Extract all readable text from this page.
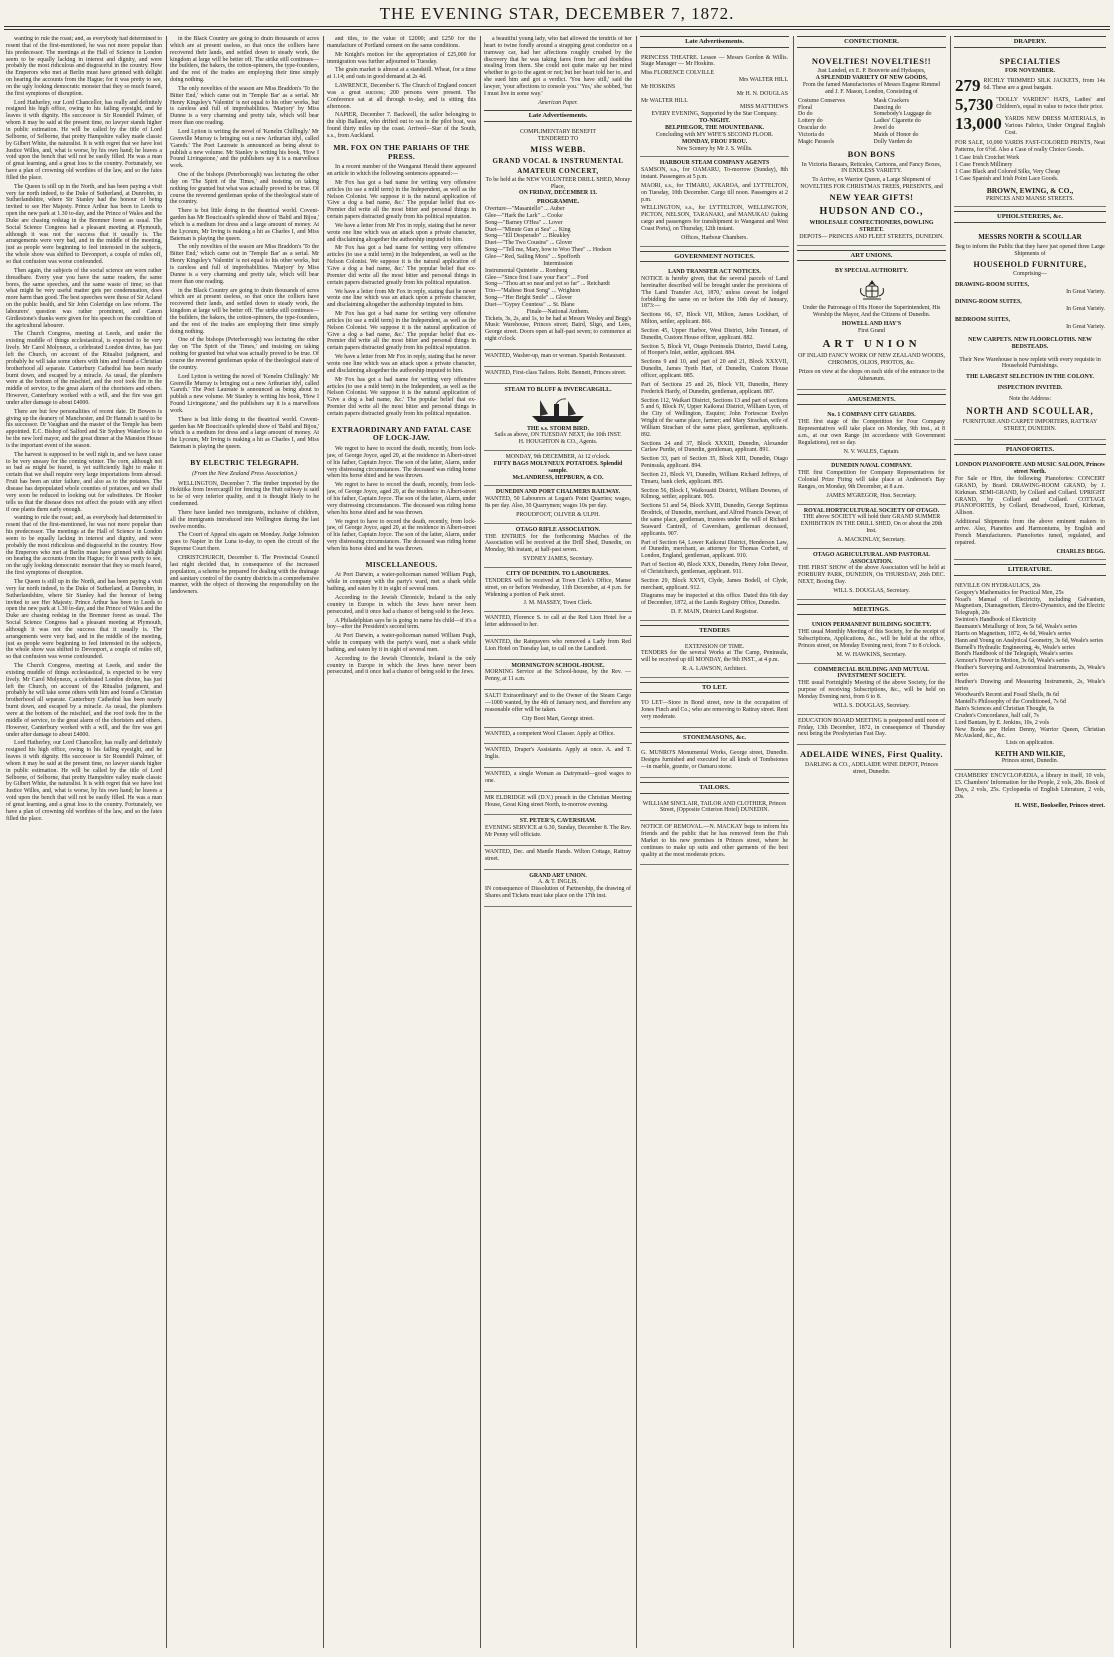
THE EVENING STAR, DECEMBER 7, 1872.

wanting to rule the roast; and, as everybody had determined to resent that of the first-mentioned, he was not more popular than his predecessor. The meetings at the Hall of Science in London seem to be equally lacking in interest and dignity, and were probably the most ridiculous and disgraceful in the country. How the Emperors who met at Berlin must have grinned with delight on hearing the accounts from the Hague; for it was pretty to see, on the ugly looking democratic monster that they so much feared, the first symptoms of disruption.

Lord Hatherley, our Lord Chancellor, has really and definitely resigned his high office, owing to his failing eyesight, and he leaves it with dignity. His successor is Sir Roundell Palmer, of whom it may be said at the present time, no lawyer stands higher in public estimation. He will be called by the title of Lord Selborne, of Selborne, that pretty Hampshire valley made classic by Gilbert White, the naturalist. It is with regret that we have lost Justice Willes, and, what is worse, by his own hand; he leaves a void upon the bench that will not be easily filled. He was a man of great learning, and a great loss to the country. Fortunately, we have a plan of crowning old worthies of the law, and so the fates filled the place.

The Queen is still up in the North, and has been paying a visit very far north indeed, to the Duke of Sutherland, at Dunrobin, in Sutherlandshire, where Sir Stanley had the honour of being invited to see Her Majesty. Prince Arthur has been to Leeds to open the new park at 1.30 to-day, and the Prince of Wales and the Duke are chasing redstag in the Bremner forest as usual. The Social Science Congress had a pleasant meeting at Plymouth, although it was not the success that it usually is. The arrangements were very bad, and in the middle of the meeting, just as people were beginning to feel interested in the subjects, the whole show was shifted to Devonport, a couple of miles off, so that confusion was worse confounded.

Then again, the subjects of the social science are worn rather threadbare. Every year you have the same readers, the same bores, the same speeches, and the same waste of time; so that what might be very useful matter gets per condemnation, does more harm than good. The best speeches were those of Sir Acland on the public health, and Sir John Coleridge on law reform. The labourers' question was rather prominent, and Canon Girdlestone's thanks were given for his speech on the condition of the agricultural labourer.

The Church Congress, meeting at Leeds, and under the existing muddle of things ecclesiastical, is expected to be very lively. Mr Carol Molyneux, a celebrated London divine, has just left the Church, on account of the Ritualist judgment, and probably he will take some others with him and found a Christian brotherhood all separate. Canterbury Cathedral has been nearly burnt down, and escaped by a miracle. As usual, the plumbers were at the bottom of the mischief, and the roof took fire in the middle of service, to the great alarm of the choristers and others. However, Canterbury worked with a will, and the fire was got under after damage to about £4000.

There are but few personalities of recent date. Dr Bowers is giving up the deanery of Manchester, and Dr Hannah is said to be his successor. Dr Vaughan and the master of the Temple has been appointed. E.C. Bishop of Salford and Sir Sydney Waterlow is to be the new lord mayor, and the great dinner at the Mansion House is the important event of the season.

The harvest is supposed to be well nigh in, and we have cause to be very uneasy for the coming winter. The corn, although not so bad as might be feared, is yet sufficiently light to make it certain that we shall require very large importations from abroad. Fruit has been an utter failure, and also as to the potatoes. The disease has depopulated whole counties of potatoes, and we shall very soon be reduced to looking out for substitutes. Dr Hooker tells us that the disease does not affect the potato with any effect if one plants them early enough.

wanting to rule the roast; and, as everybody had determined to resent that of the first-mentioned, he was not more popular than his predecessor. The meetings at the Hall of Science in London seem to be equally lacking in interest and dignity, and were probably the most ridiculous and disgraceful in the country. How the Emperors who met at Berlin must have grinned with delight on hearing the accounts from the Hague; for it was pretty to see, on the ugly looking democratic monster that they so much feared, the first symptoms of disruption.

The Queen is still up in the North, and has been paying a visit very far north indeed, to the Duke of Sutherland, at Dunrobin, in Sutherlandshire, where Sir Stanley had the honour of being invited to see Her Majesty. Prince Arthur has been to Leeds to open the new park at 1.30 to-day, and the Prince of Wales and the Duke are chasing redstag in the Bremner forest as usual. The Social Science Congress had a pleasant meeting at Plymouth, although it was not the success that it usually is. The arrangements were very bad, and in the middle of the meeting, just as people were beginning to feel interested in the subjects, the whole show was shifted to Devonport, a couple of miles off, so that confusion was worse confounded.

The Church Congress, meeting at Leeds, and under the existing muddle of things ecclesiastical, is expected to be very lively. Mr Carol Molyneux, a celebrated London divine, has just left the Church, on account of the Ritualist judgment, and probably he will take some others with him and found a Christian brotherhood all separate. Canterbury Cathedral has been nearly burnt down, and escaped by a miracle. As usual, the plumbers were at the bottom of the mischief, and the roof took fire in the middle of service, to the great alarm of the choristers and others. However, Canterbury worked with a will, and the fire was got under after damage to about £4000.

Lord Hatherley, our Lord Chancellor, has really and definitely resigned his high office, owing to his failing eyesight, and he leaves it with dignity. His successor is Sir Roundell Palmer, of whom it may be said at the present time, no lawyer stands higher in public estimation. He will be called by the title of Lord Selborne, of Selborne, that pretty Hampshire valley made classic by Gilbert White, the naturalist. It is with regret that we have lost Justice Willes, and, what is worse, by his own hand; he leaves a void upon the bench that will not be easily filled. He was a man of great learning, and a great loss to the country. Fortunately, we have a plan of crowning old worthies of the law, and so the fates filled the place.

in the Black Country are going to drain thousands of acres which are at present useless, so that once the colliers have recovered their lands, and settled down to steady work, the kingdom at large will be better off. The strike still continues—the builders, the bakers, the cotton-spinners, the type-founders, and the rest of the trades are employing their time simply doing nothing.

The only novelties of the season are Miss Braddon's 'To the Bitter End,' which came out in 'Temple Bar' as a serial. Mr Henry Kingsley's 'Valentin' is not equal to his other works, but is careless and full of improbabilities. 'Marjory' by Miss Dunne is a very charming and pretty tale, which will bear more than one reading.

Lord Lytton is writing the novel of 'Kenelm Chillingly.' Mr Grenville Murray is bringing out a new Arthurian idyl, called 'Gareth.' The Poet Laureate is announced as being about to publish a new volume. Mr Stanley is writing his book, 'How I Found Livingstone,' and the publishers say it is a marvellous work.

One of the bishops (Peterborough) was lecturing the other day on 'The Spirit of the Times,' and insisting on taking nothing for granted but what was actually proved to be true. Of course the reverend gentleman spoke of the theological state of the country.

There is but little doing in the theatrical world. Covent-garden has Mr Boucicault's splendid show of 'Babil and Bijou,' which is a medium for dress and a large amount of money. At the Lyceum, Mr Irving is making a hit as Charles I, and Miss Bateman is playing the queen.

The only novelties of the season are Miss Braddon's 'To the Bitter End,' which came out in 'Temple Bar' as a serial. Mr Henry Kingsley's 'Valentin' is not equal to his other works, but is careless and full of improbabilities. 'Marjory' by Miss Dunne is a very charming and pretty tale, which will bear more than one reading.

in the Black Country are going to drain thousands of acres which are at present useless, so that once the colliers have recovered their lands, and settled down to steady work, the kingdom at large will be better off. The strike still continues—the builders, the bakers, the cotton-spinners, the type-founders, and the rest of the trades are employing their time simply doing nothing.

One of the bishops (Peterborough) was lecturing the other day on 'The Spirit of the Times,' and insisting on taking nothing for granted but what was actually proved to be true. Of course the reverend gentleman spoke of the theological state of the country.

Lord Lytton is writing the novel of 'Kenelm Chillingly.' Mr Grenville Murray is bringing out a new Arthurian idyl, called 'Gareth.' The Poet Laureate is announced as being about to publish a new volume. Mr Stanley is writing his book, 'How I Found Livingstone,' and the publishers say it is a marvellous work.

There is but little doing in the theatrical world. Covent-garden has Mr Boucicault's splendid show of 'Babil and Bijou,' which is a medium for dress and a large amount of money. At the Lyceum, Mr Irving is making a hit as Charles I, and Miss Bateman is playing the queen.

BY ELECTRIC TELEGRAPH.
(From the New Zealand Press Association.)

WELLINGTON, December 7. The timber imported by the Hokitika from Invercargill for fencing the Hutt railway is said to be of very inferior quality, and it is thought likely to be condemned.

There have landed two immigrants, inclusive of children, all the immigrants introduced into Wellington during the last twelve months.

The Court of Appeal sits again on Monday. Judge Johnston goes to Napier in the Luna to-day, to open the circuit of the Supreme Court there.

CHRISTCHURCH, December 6. The Provincial Council last night decided that, in consequence of the increased population, a scheme be prepared for dealing with the drainage and sanitary control of the country districts in a comprehensive manner, with the object of throwing the responsibility on the landowners.

and tiles, to the value of £2000; and £250 for the manufacture of Portland cement on the same conditions.

Mr Knight's motion for the appropriation of £25,000 for immigration was further adjourned to Tuesday.

The grain market is almost at a standstill. Wheat, for a time at 1.14; and oats in good demand at 2s 4d.

LAWRENCE, December 6. The Church of England concert was a great success; 200 persons were present. The Conference sat at all through to-day, and is sitting this afternoon.

NAPIER, December 7. Backwell, the sailor belonging to the ship Ballarat, who drifted out to sea in the pilot boat, was found thirty miles up the coast. Arrived—Star of the South, s.s., from Auckland.

MR. FOX ON THE PARIAHS OF THE PRESS.

In a recent number of the Wanganui Herald there appeared an article in which the following sentences appeared:—

Mr Fox has got a bad name for writing very offensive articles (to use a mild term) in the Independent, as well as the Nelson Colonist. We suppose it is the natural application of 'Give a dog a bad name, &c.' The popular belief that ex-Premier did write all the most bitter and personal things in certain papers distracted greatly from his political reputation.

We have a letter from Mr Fox in reply, stating that he never wrote one line which was an attack upon a private character, and disclaiming altogether the authorship imputed to him.

Mr Fox has got a bad name for writing very offensive articles (to use a mild term) in the Independent, as well as the Nelson Colonist. We suppose it is the natural application of 'Give a dog a bad name, &c.' The popular belief that ex-Premier did write all the most bitter and personal things in certain papers distracted greatly from his political reputation.

We have a letter from Mr Fox in reply, stating that he never wrote one line which was an attack upon a private character, and disclaiming altogether the authorship imputed to him.

Mr Fox has got a bad name for writing very offensive articles (to use a mild term) in the Independent, as well as the Nelson Colonist. We suppose it is the natural application of 'Give a dog a bad name, &c.' The popular belief that ex-Premier did write all the most bitter and personal things in certain papers distracted greatly from his political reputation.

We have a letter from Mr Fox in reply, stating that he never wrote one line which was an attack upon a private character, and disclaiming altogether the authorship imputed to him.

Mr Fox has got a bad name for writing very offensive articles (to use a mild term) in the Independent, as well as the Nelson Colonist. We suppose it is the natural application of 'Give a dog a bad name, &c.' The popular belief that ex-Premier did write all the most bitter and personal things in certain papers distracted greatly from his political reputation.

EXTRAORDINARY AND FATAL CASE OF LOCK-JAW.

We regret to have to record the death, recently, from lock-jaw, of George Joyce, aged 20, at the residence in Albert-street of his father, Captain Joyce. The son of the latter, Alarm, under very distressing circumstances. The deceased was riding home when his horse shied and he was thrown.

We regret to have to record the death, recently, from lock-jaw, of George Joyce, aged 20, at the residence in Albert-street of his father, Captain Joyce. The son of the latter, Alarm, under very distressing circumstances. The deceased was riding home when his horse shied and he was thrown.

We regret to have to record the death, recently, from lock-jaw, of George Joyce, aged 20, at the residence in Albert-street of his father, Captain Joyce. The son of the latter, Alarm, under very distressing circumstances. The deceased was riding home when his horse shied and he was thrown.

MISCELLANEOUS.

At Port Darwin, a water-policeman named William Pugh, while in company with the party's ward, met a shark while bathing, and eaten by it in sight of several men.

According to the Jewish Chronicle, Ireland is the only country in Europe in which the Jews have never been persecuted, and it once had a chance of being sold to the Jews.

A Philadelphian says he is going to name his child—if it's a boy—after the President's second term.

At Port Darwin, a water-policeman named William Pugh, while in company with the party's ward, met a shark while bathing, and eaten by it in sight of several men.

According to the Jewish Chronicle, Ireland is the only country in Europe in which the Jews have never been persecuted, and it once had a chance of being sold to the Jews.

a beautiful young lady, who had allowed the tendrils of her heart to twine fondly around a strapping great conductor on a tramway car, had her affections roughly crushed by the discovery that he was taking fares from her and doubtless stealing from them. She could not quite make up her mind whether to go to the agent or not; but her heart told her to, and she sued him and got a verdict. 'You have still,' said the lawyer, 'your affections to console you.' 'Yes,' she sobbed, 'but I must live in some way.'

American Paper.

Late Advertisements.
COMPLIMENTARY BENEFIT
TENDERED TO
MISS WEBB.
GRAND VOCAL & INSTRUMENTAL
AMATEUR CONCERT,
To be held at the NEW VOLUNTEER DRILL SHED, Moray Place,
ON FRIDAY, DECEMBER 13.
PROGRAMME.
Overture—"Masaniello" ... Auber
Glee—"Hark the Lark" ... Cooke
Song—"Barney O'Hea" ... Lover
Duet—"Minute Gun at Sea" ... King
Song—"Ell Desperado" ... Bleakley
Duet—"The Two Cousins" ... Glover
Song—"Tell me, Mary, how to Woo Thee" ... Hodson
Glee—"Red, Sailing Mora" ... Spofforth
Intermission
Instrumental Quintette ... Romberg
Glee—"Since first I saw your Face" ... Ford
Song—"Thou art so near and yet so far" ... Reichardt
Trio—"Maltese Boat Song" ... Wrighton
Song—"Her Bright Smile" ... Glover
Duet—"Gypsy Countess" ... St. Blane
Finale—National Anthem.

Tickets, 3s, 2s, and 1s, to be had at Messrs Wesley and Begg's Music Warehouse, Princes street; Baird, Sligo, and Lees, George street. Doors open at half-past seven; to commence at eight o'clock.

WANTED, Washer-up, man or woman. Spanish Restaurant.

WANTED, First-class Tailors. Robt. Bennett, Princes street.

STEAM TO BLUFF & INVERCARGILL.
THE s.s. STORM BIRD.
Sails as above, ON TUESDAY NEXT, the 10th INST.
H. HOUGHTON & CO., Agents.
MONDAY, 9th DECEMBER, At 12 o'clock.
FIFTY BAGS MOLYNEUX POTATOES. Splendid sample.
McLANDRESS, HEPBURN, & CO.
DUNEDIN AND PORT CHALMERS RAILWAY.

WANTED, 50 Labourers at Logan's Point Quarries; wages, 8s per day. Also, 30 Quarrymen; wages 10s per day.

PROUDFOOT, OLIVER & ULPH.
OTAGO RIFLE ASSOCIATION.

THE ENTRIES for the forthcoming Matches of the Association will be received at the Drill Shed, Dunedin, on Monday, 9th instant, at half-past seven.

SYDNEY JAMES, Secretary.
CITY OF DUNEDIN. TO LABOURERS.

TENDERS will be received at Town Clerk's Office, Manse street, on or before Wednesday, 11th December, at 4 p.m. for Widening a portion of Park street.

J. M. MASSEY, Town Clerk.

WANTED, Florence S. to call at the Red Lion Hotel for a letter addressed to her.

WANTED, the Ratepayers who removed a Lady from Red Lion Hotel on Tuesday last, to call on the Landlord.

MORNINGTON SCHOOL-HOUSE.

MORNING Service at the School-house, by the Rev. — Penny, at 11 a.m.

SALT! Extraordinary! and to the Owner of the Steam Cargo—1000 wanted, by the 4th of January next, and therefore any reasonable offer will be taken.

City Boot Mart, George street.

WANTED, a competent Wool Classer. Apply at Office.

WANTED, Draper's Assistants. Apply at once. A. and T. Inglis.

WANTED, a single Woman as Dairymaid—good wages to one.

MR ELDRIDGE will (D.V.) preach in the Christian Meeting House, Great King street North, to-morrow evening.

ST. PETER'S, CAVERSHAM.

EVENING SERVICE at 6.30, Sunday, December 8. The Rev. Mr Penny will officiate.

WANTED, Dec. and Mantle Hands. Wilton Cottage, Rattray street.

GRAND ART UNION.
A. & T. INGLIS.

IN consequence of Dissolution of Partnership, the drawing of Shares and Tickets must take place on the 17th inst.

Late Advertisements.

PRINCESS THEATRE. Lessee — Messrs Gordon & Willis. Stage Manager — Mr Hoskins.

Miss FLORENCE COLVILLE
Mrs WALTER HILL
Mr HOSKINS
Mr H. N. DOUGLAS
Mr WALTER HILL
MISS MATTHEWS
EVERY EVENING, Supported by the Star Company.
TO-NIGHT.
BELPHEGOR, THE MOUNTEBANK.
Concluding with MY WIFE'S SECOND FLOOR.
MONDAY, FROU FROU.
New Scenery by Mr J. S. Willis.
HARBOUR STEAM COMPANY AGENTS

SAMSON, s.s., for OAMARU, To-morrow (Sunday), 8th instant. Passengers at 5 p.m.

MAORI, s.s., for TIMARU, AKAROA, and LYTTELTON, on Tuesday, 10th December. Cargo till noon. Passengers at 2 p.m.

WELLINGTON, s.s., for LYTTELTON, WELLINGTON, PICTON, NELSON, TARANAKI, and MANUKAU (taking cargo and passengers for transhipment to Wanganui and West Coast Ports), on Thursday, 12th instant.

Offices, Harbour Chambers.
GOVERNMENT NOTICES.
LAND TRANSFER ACT NOTICES.

NOTICE is hereby given, that the several parcels of Land hereinafter described will be brought under the provisions of 'The Land Transfer Act, 1870,' unless caveat be lodged forbidding the same on or before the 10th day of January, 1873:—

Sections 66, 67, Block VII, Milton, James Lockhart, of Milton, settler, applicant. 866.

Section 45, Upper Harbor, West District, John Tennant, of Dunedin, Custom House officer, applicant. 882.

Section 5, Block VI, Otago Peninsula District, David Laing, of Hooper's Inlet, settler, applicant. 884.

Sections 9 and 10, and part of 20 and 21, Block XXXVII, Dunedin, James Tyeth Hart, of Dunedin, Custom House officer, applicant. 885.

Part of Sections 25 and 26, Block VII, Dunedin, Henry Frederick Hardy, of Dunedin, gentleman, applicant. 887.

Section 112, Waikari District, Sections 13 and part of sections 5 and 6, Block IV, Upper Kaikorai District, William Lyon, of the City of Wellington, Esquire; John Fortescue Evelyn Wright of the same place, farmer; and Mary Strachan, wife of William Strachan of the same place, gentleman, applicants. 892.

Sections 24 and 37, Block XXXIII, Dunedin, Alexander Carlaw Purdie, of Dunedin, gentleman, applicant. 891.

Section 33, part of Section 35, Block XIII, Dunedin, Otago Peninsula, applicant. 894.

Section 21, Block VI, Dunedin, William Richard Jeffreys, of Timaru, bank clerk, applicant. 895.

Section 56, Block I, Waikouaiti District, William Downes, of Kilmog, settler, applicant. 905.

Sections 51 and 54, Block XVIII, Dunedin, George Septimus Brodrick, of Dunedin, merchant, and Alfred Francis Dewar, of the same place, gentleman, trustees under the will of Richard Seaward Cantrell, of Caversham, gentleman deceased, applicants. 907.

Part of Section 64, Lower Kaikorai District, Henderson Law, of Dunedin, merchant, as attorney for Thomas Corbett, of London, England, gentleman, applicant. 910.

Part of Section 40, Block XXX, Dunedin, Henry John Dewar, of Christchurch, gentleman, applicant. 911.

Section 29, Block XXVI, Clyde, James Bodell, of Clyde, merchant, applicant. 912.

Diagrams may be inspected at this office. Dated this 6th day of December, 1872, at the Lands Registry Office, Dunedin.

D. F. MAIN, District Land Registrar.
TENDERS
EXTENSION OF TIME.

TENDERS for the several Works at The Camp, Peninsula, will be received up till MONDAY, the 9th INST., at 4 p.m.

R. A. LAWSON, Architect.
TO LET.

TO LET—Store in Bond street, now in the occupation of Jones Finch and Co.; who are removing to Rattray street. Rent very moderate.

STONEMASONS, &c.

G. MUNRO'S Monumental Works, George street, Dunedin. Designs furnished and executed for all kinds of Tombstones—in marble, granite, or Oamaru stone.

TAILORS.

WILLIAM SINCLAIR, TAILOR AND CLOTHIER, Princes Street, (Opposite Criterion Hotel) DUNEDIN.

NOTICE OF REMOVAL.—N. MACKAY begs to inform his friends and the public that he has removed from the Fish Market to his new premises in Princes street, where he continues to make up suits and other garments of the best quality at the most moderate prices.

CONFECTIONER.
NOVELTIES! NOVELTIES!!
Just Landed, ex E. P. Bouverie and Hydaspes,
A SPLENDID VARIETY OF NEW GOODS,

From the famed Manufactories of Messrs Eugene Rimmel and J. F. Mason, London, Consisting of

Costume Conserves	Mask Crackers
Floral	Dancing do
Do do	Somebody's Luggage do
Lottery do	Ladies' Cigarette do
Oracular do	Jewel do
Victoria do	Maids of Honor do
Magic Parasols	Dolly Varden do
BON BONS

In Victoria Bazaars, Reticules, Cartoons, and Fancy Boxes, IN ENDLESS VARIETY.

To Arrive, ex Warrior Queen, a Large Shipment of NOVELTIES FOR CHRISTMAS TREES, PRESENTS, and

NEW YEAR GIFTS!
HUDSON AND CO.,
WHOLESALE CONFECTIONERS, DOWLING STREET.
DEPOTS— PRINCES AND FLEET STREETS, DUNEDIN.
ART UNIONS.
BY SPECIAL AUTHORITY.

Under the Patronage of His Honor the Superintendent, His Worship the Mayor, And the Citizens of Dunedin.

HOWELL AND HAY'S
First Grand
ART UNION

OF INLAID FANCY WORK OF NEW ZEALAND WOODS, CHROMOS, OLIOS, PHOTOS, &c.

Prizes on view at the shops on each side of the entrance to the Athenæum.

AMUSEMENTS.
No. 1 COMPANY CITY GUARDS.

THE first stage of the Competition for Four Company Representatives will take place on Monday, 9th inst., at 8 a.m., at our own Range (in accordance with Government Regulations), not so day.

N. V. WALES, Captain.
DUNEDIN NAVAL COMPANY.

THE first Competition for Company Representatives for Colonial Prize Firing will take place at Anderson's Bay Ranges, on Monday, 9th December, at 8 a.m.

JAMES M'GREGOR, Hon. Secretary.
ROYAL HORTICULTURAL SOCIETY OF OTAGO.

THE above SOCIETY will hold their GRAND SUMMER EXHIBITION IN THE DRILL SHED, On or about the 20th Inst.

A. MACKINLAY, Secretary.
OTAGO AGRICULTURAL AND PASTORAL ASSOCIATION.

THE FIRST SHOW of the above Association will be held at FORBURY PARK, DUNEDIN, On THURSDAY, 26th DEC. NEXT, Boxing Day.

WILL S. DOUGLAS, Secretary.
MEETINGS.
UNION PERMANENT BUILDING SOCIETY.

THE usual Monthly Meeting of this Society, for the receipt of Subscriptions, Applications, &c., will be held at the office, Princes street, on Monday Evening next, from 7 to 8 o'clock.

M. W. HAWKINS, Secretary.
COMMERCIAL BUILDING AND MUTUAL INVESTMENT SOCIETY.

THE usual Fortnightly Meeting of the above Society, for the purpose of receiving Subscriptions, &c., will be held on Monday Evening next, from 6 to 8.

WILL S. DOUGLAS, Secretary.

EDUCATION BOARD MEETING is postponed until noon of Friday, 13th December, 1872, in consequence of Thursday next being the Presbyterian Fast Day.

ADELAIDE WINES, First Quality.

DARLING & CO., ADELAIDE WINE DEPOT, Princes street, Dunedin.

DRAPERY.
SPECIALTIES
FOR NOVEMBER.
279 RICHLY TRIMMED SILK JACKETS, from 14s 6d. These are a great bargain.
5,730 "DOLLY VARDEN" HATS, Ladies' and Children's, equal in value to twice their price.
13,000 YARDS NEW DRESS MATERIALS, in Various Fabrics, Under Original English Cost.

FOR SALE, 10,000 YARDS FAST-COLORED PRINTS, Neat Patterns, for 6½d. Also a Case of really Choice Goods.

1 Case Irish Crotchet Work
1 Case French Millinery
1 Case Black and Colored Silks, Very Cheap
1 Case Spanish and Irish Point Lace Goods.
BROWN, EWING, & CO.,
PRINCES AND MANSE STREETS.
UPHOLSTERERS, &c.
MESSRS NORTH & SCOULLAR

Beg to inform the Public that they have just opened three Large Shipments of

HOUSEHOLD FURNITURE,
Comprising—
DRAWING-ROOM SUITES,
In Great Variety.
DINING-ROOM SUITES,
In Great Variety.
BEDROOM SUITES,
In Great Variety.
NEW CARPETS. NEW FLOORCLOTHS. NEW BEDSTEADS.

Their New Warehouse is now replete with every requisite in Household Furnishings.

THE LARGEST SELECTION IN THE COLONY.
INSPECTION INVITED.
Note the Address:
NORTH AND SCOULLAR,

FURNITURE AND CARPET IMPORTERS, RATTRAY STREET, DUNEDIN.

PIANOFORTES.
LONDON PIANOFORTE AND MUSIC SALOON, Princes street North.

For Sale or Hire, the following Pianofortes: CONCERT GRAND, by Brard. DRAWING-ROOM GRAND, by J. Kirkman. SEMI-GRAND, by Collard and Collard. UPRIGHT GRAND, by Collard and Collard. COTTAGE PIANOFORTES, by Collard, Broadwood, Erard, Kirkman, Allison.

Additional Shipments from the above eminent makers to arrive. Also, Pianettes and Harmoniums, by English and French Manufacturers. Pianofortes tuned, regulated, and repaired.

CHARLES BEGG.
LITERATURE.
NEVILLE ON HYDRAULICS, 20s
Gregory's Mathematics for Practical Men, 25s
Noad's Manual of Electricity, including Galvanism, Magnetism, Diamagnetism, Electro-Dynamics, and the Electric Telegraph, 20s
Swinton's Handbook of Electricity
Baumann's Metallurgy of Iron, 5s 6d, Weale's series
Harris on Magnetism, 1872, 4s 6d, Weale's series
Hann and Young on Analytical Geometry, 3s 6d, Weale's series
Burnell's Hydraulic Engineering, 4s, Weale's series
Bond's Handbook of the Telegraph, Weale's series
Armour's Power in Motion, 3s 6d, Weale's series
Heather's Surveying and Astronomical Instruments, 2s, Weale's series
Heather's Drawing and Measuring Instruments, 2s, Weale's series
Woodward's Recent and Fossil Shells, 8s 6d
Mantell's Philosophy of the Conditioned, 7s 6d
Bain's Sciences and Christian Thought, 6s
Cruden's Concordance, half calf, 7s
Lord Bantam, by E. Jenkins, 10s, 2 vols
New Books per Helen Denny, Warrior Queen, Christian McAusland, &c., &c.
Lists on application.
KEITH AND WILKIE,
Princes street, Dunedin.

CHAMBERS' ENCYCLOPÆDIA, a library in itself, 10 vols, £5. Chambers' Information for the People, 2 vols, 20s. Book of Days, 2 vols, 25s. Cyclopædia of English Literature, 2 vols, 20s.

H. WISE, Bookseller, Princes street.
